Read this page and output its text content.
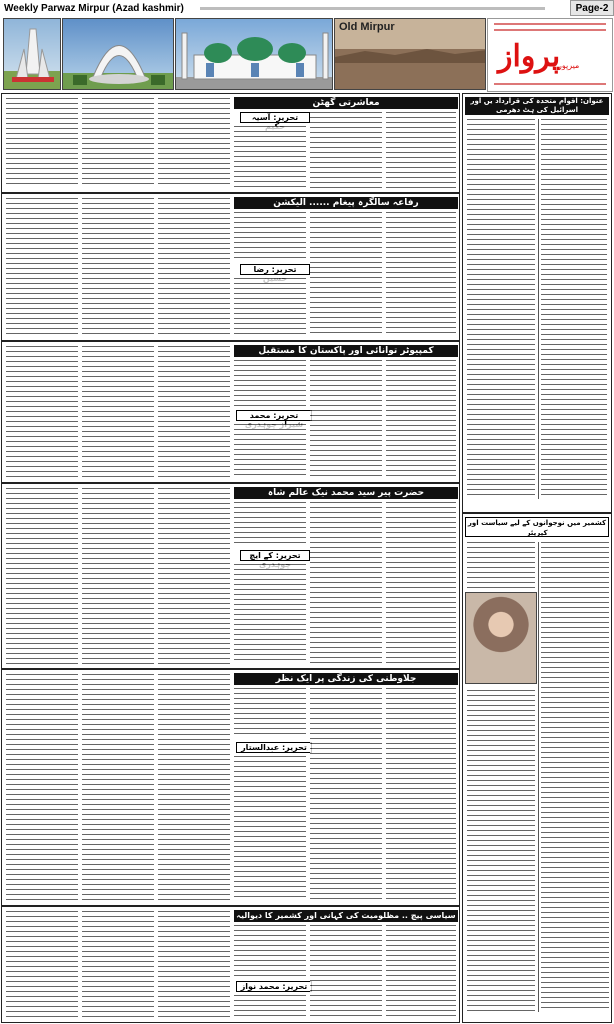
Weekly Parwaz Mirpur (Azad kashmir)	Page-2
Old Mirpur
پرواز
میرپور
عنوان: اقوام متحدہ کی قرارداد یں اور اسرائیل کی ہٹ دھرمی
کشمیر میں نوجوانوں کے لیے سیاست اور کیریئر
معاشرتی گھٹن
تحریر: آسیہ
رفاعہ سالگرہ پیغام ...... الیکشن
تحریر: رضا
کمپیوٹر توانائی اور پاکستان کا مستقبل
تحریر: محمد
حضرت پیر سید محمد نیک عالم شاہ
تحریر: کے ایچ
جلاوطنی کی زندگی پر ایک نظر
تحریر: عبدالستار
سیاسی پیچ .. مظلومیت کی کہانی اور کشمیر کا دیوالیہ
تحریر: محمد نواز
